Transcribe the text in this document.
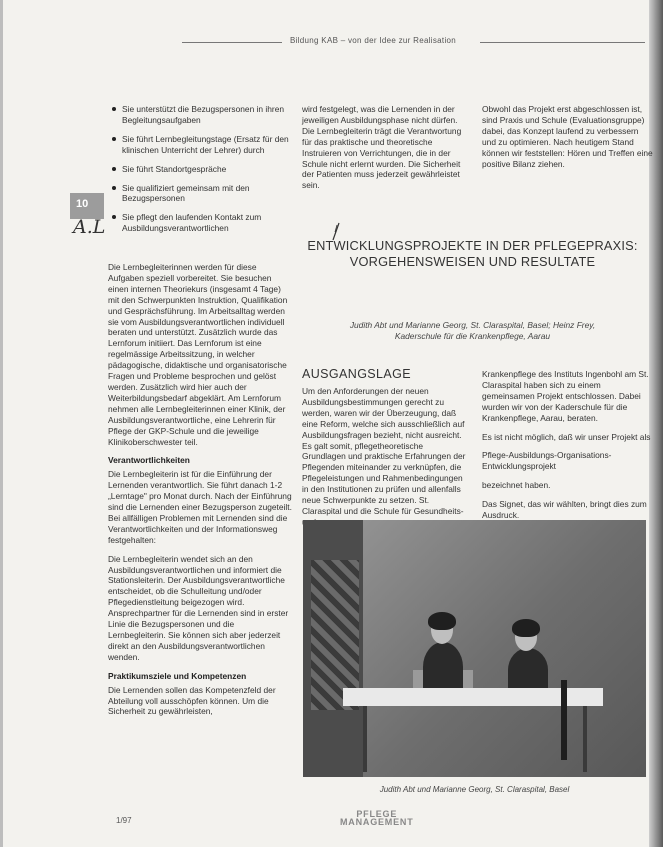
Bildung KAB – von der Idee zur Realisation
Sie unterstützt die Bezugspersonen in ihren Begleitungsaufgaben
Sie führt Lernbegleitungstage (Ersatz für den klinischen Unterricht der Lehrer) durch
Sie führt Standortgespräche
Sie qualifiziert gemeinsam mit den Bezugspersonen
Sie pflegt den laufenden Kontakt zum Ausbildungsverantwortlichen
10
A.L

Die Lernbegleiterinnen werden für diese Aufgaben speziell vorbereitet. Sie besuchen einen internen Theoriekurs (insgesamt 4 Tage) mit den Schwerpunkten Instruktion, Qualifikation und Gesprächsführung. Im Arbeitsalltag werden sie vom Ausbildungsverantwortlichen individuell beraten und unterstützt. Zusätzlich wurde das Lernforum initiiert. Das Lernforum ist eine regelmässige Arbeitssitzung, in welcher pädagogische, didaktische und organisatorische Fragen und Probleme besprochen und gelöst werden. Zusätzlich wird hier auch der Weiterbildungsbedarf abgeklärt. Am Lernforum nehmen alle Lernbegleiterinnen einer Klinik, der Ausbildungsverantwortliche, eine Lehrerin für Pflege der GKP-Schule und die jeweilige Klinikoberschwester teil.

Verantwortlichkeiten

Die Lernbegleiterin ist für die Einführung der Lernenden verantwortlich. Sie führt danach 1-2 „Lerntage" pro Monat durch. Nach der Einführung sind die Lernenden einer Bezugsperson zugeteilt. Bei allfälligen Problemen mit Lernenden sind die Verantwortlichkeiten und der Informationsweg festgehalten:

Die Lernbegleiterin wendet sich an den Ausbildungsverantwortlichen und informiert die Stationsleiterin. Der Ausbildungsverantwortliche entscheidet, ob die Schulleitung und/oder Pflegedienstleitung beigezogen wird. Ansprechpartner für die Lernenden sind in erster Linie die Bezugspersonen und die Lernbegleiterin. Sie können sich aber jederzeit direkt an den Ausbildungsverantwortlichen wenden.

Praktikumsziele und Kompetenzen

Die Lernenden sollen das Kompetenzfeld der Abteilung voll ausschöpfen können. Um die Sicherheit zu gewährleisten,

wird festgelegt, was die Lernenden in der jeweiligen Ausbildungsphase nicht dürfen. Die Lernbegleiterin trägt die Verantwortung für das praktische und theoretische Instruieren von Verrichtungen, die in der Schule nicht erlernt wurden. Die Sicherheit der Patienten muss jederzeit gewährleistet sein.

Obwohl das Projekt erst abgeschlossen ist, sind Praxis und Schule (Evaluationsgruppe) dabei, das Konzept laufend zu verbessern und zu optimieren. Nach heutigem Stand können wir feststellen: Hören und Treffen eine positive Bilanz ziehen.

ENTWICKLUNGSPROJEKTE IN DER PFLEGEPRAXIS:
VORGEHENSWEISEN UND RESULTATE
Judith Abt und Marianne Georg, St. Claraspital, Basel; Heinz Frey,
Kaderschule für die Krankenpflege, Aarau
AUSGANGSLAGE

Um den Anforderungen der neuen Ausbildungsbestimmungen gerecht zu werden, waren wir der Überzeugung, daß eine Reform, welche sich ausschließlich auf Ausbildungsfragen bezieht, nicht ausreicht. Es galt somit, pflegetheoretische Grundlagen und praktische Erfahrungen der Pflegenden miteinander zu verknüpfen, die Pflegeleistungen und Rahmenbedingungen in den Institutionen zu prüfen und allenfalls neue Schwerpunkte zu setzen. St. Claraspital und die Schule für Gesundheits-

Krankenpflege des Instituts Ingenbohl am St. Claraspital haben sich zu einem gemeinsamen Projekt entschlossen. Dabei wurden wir von der Kaderschule für die Krankenpflege, Aarau, beraten.

Es ist nicht möglich, daß wir unser Projekt als

Pflege-Ausbildungs-Organisations-Entwicklungsprojekt

bezeichnet haben.

Das Signet, das wir wählten, bringt dies zum Ausdruck.

Judith Abt und Marianne Georg, St. Claraspital, Basel
1/97
PFLEGE
MANAGEMENT
